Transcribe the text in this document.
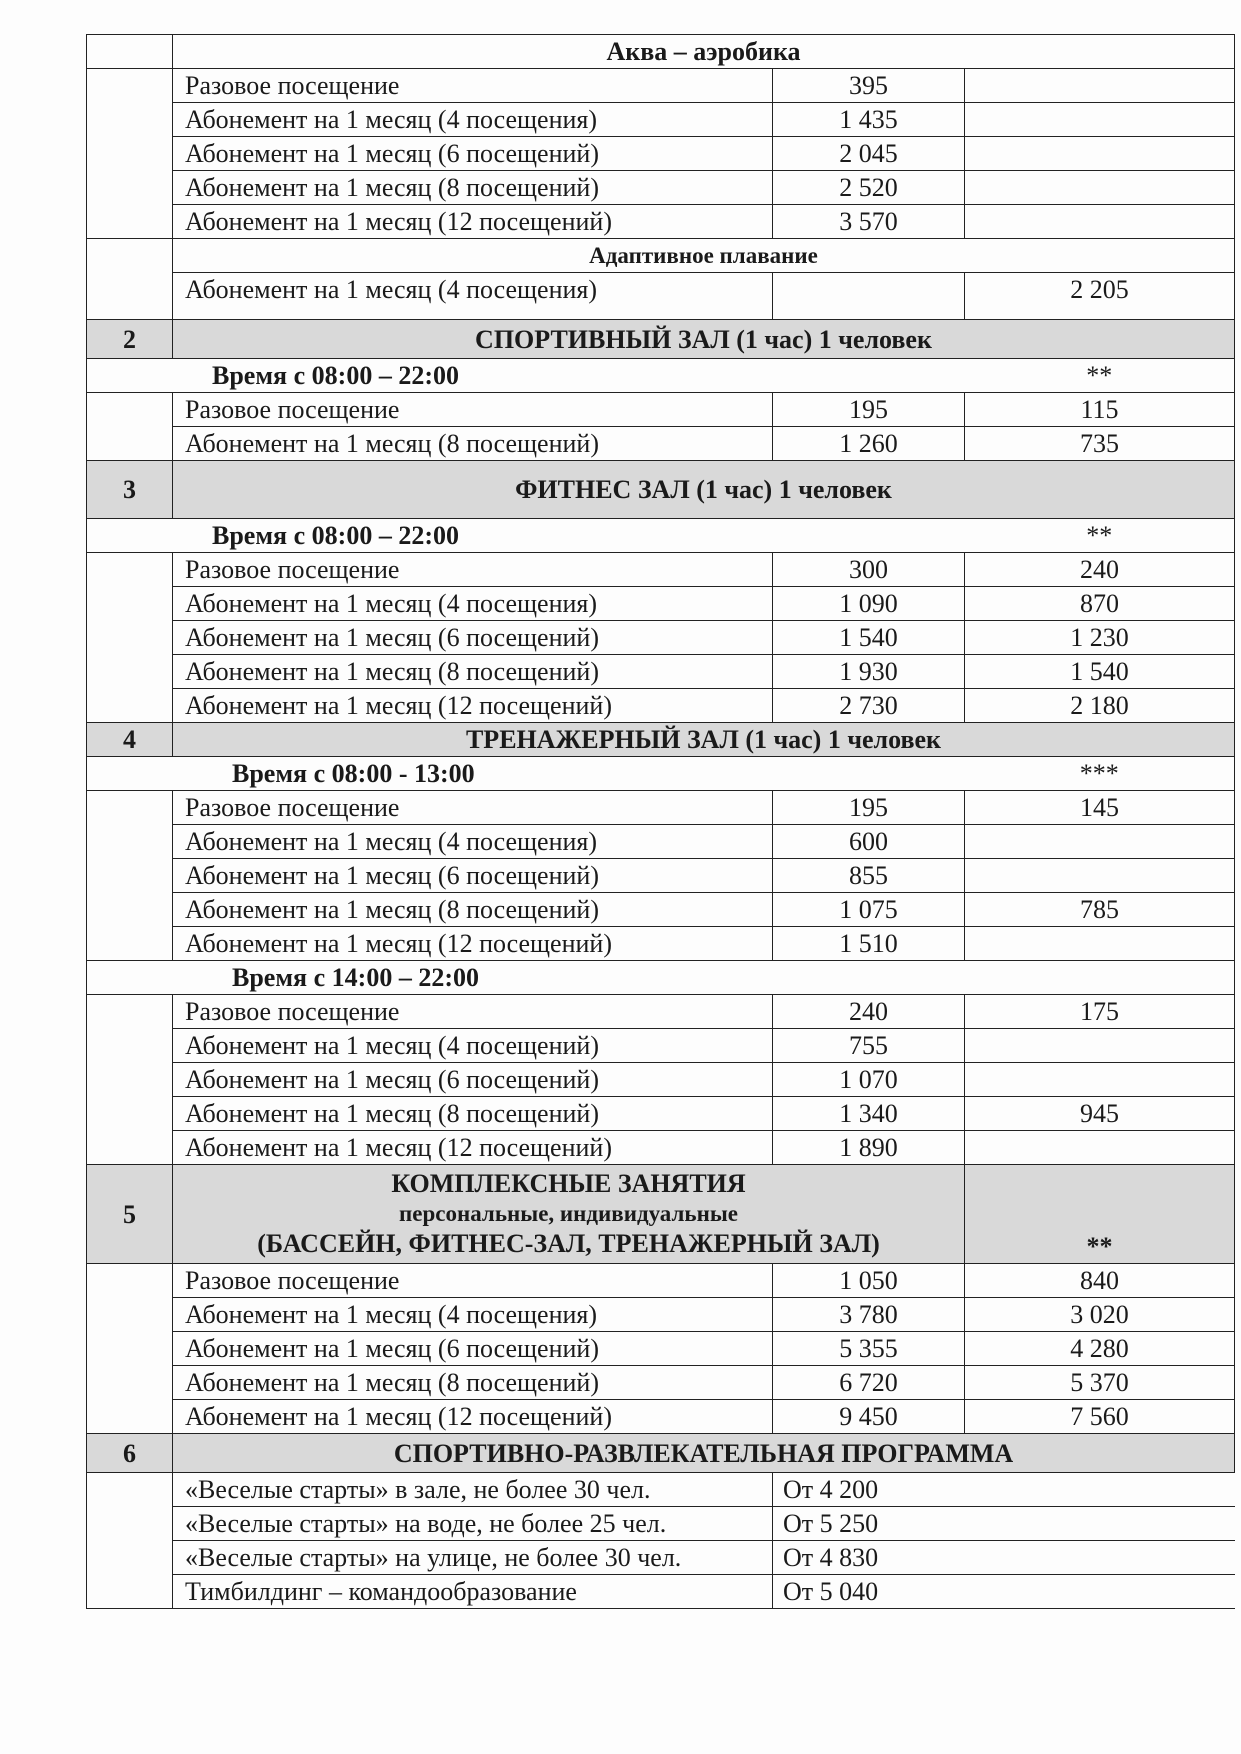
	Аква – аэробика		
	Разовое посещение	395	
	Абонемент на 1 месяц (4 посещения)	1 435	
	Абонемент на 1 месяц (6 посещений)	2 045	
	Абонемент на 1 месяц (8 посещений)	2 520	
	Абонемент на 1 месяц (12 посещений)	3 570	
	Адаптивное плавание		
	Абонемент на 1 месяц (4 посещения)		2 205
2	СПОРТИВНЫЙ ЗАЛ (1 час) 1 человек		
Время с 08:00 – 22:00			**
	Разовое посещение	195	115
	Абонемент на 1 месяц (8 посещений)	1 260	735
3	ФИТНЕС ЗАЛ (1 час) 1 человек		
Время с 08:00 – 22:00			**
	Разовое посещение	300	240
	Абонемент на 1 месяц (4 посещения)	1 090	870
	Абонемент на 1 месяц (6 посещений)	1 540	1 230
	Абонемент на 1 месяц (8 посещений)	1 930	1 540
	Абонемент на 1 месяц (12 посещений)	2 730	2 180
4	ТРЕНАЖЕРНЫЙ ЗАЛ (1 час) 1 человек		
Время с 08:00 - 13:00			***
	Разовое посещение	195	145
	Абонемент на 1 месяц (4 посещения)	600	
	Абонемент на 1 месяц (6 посещений)	855	
	Абонемент на 1 месяц (8 посещений)	1 075	785
	Абонемент на 1 месяц (12 посещений)	1 510	
Время с 14:00 – 22:00			
	Разовое посещение	240	175
	Абонемент на 1 месяц (4 посещений)	755	
	Абонемент на 1 месяц (6 посещений)	1 070	
	Абонемент на 1 месяц (8 посещений)	1 340	945
	Абонемент на 1 месяц (12 посещений)	1 890	
5	КОМПЛЕКСНЫЕ ЗАНЯТИЯ
персональные, индивидуальные
(БАССЕЙН, ФИТНЕС-ЗАЛ, ТРЕНАЖЕРНЫЙ ЗАЛ)		**
	Разовое посещение	1 050	840
	Абонемент на 1 месяц (4 посещения)	3 780	3 020
	Абонемент на 1 месяц (6 посещений)	5 355	4 280
	Абонемент на 1 месяц (8 посещений)	6 720	5 370
	Абонемент на 1 месяц (12 посещений)	9 450	7 560
6	СПОРТИВНО-РАЗВЛЕКАТЕЛЬНАЯ ПРОГРАММА		
	«Веселые старты» в зале, не более 30 чел.	От 4 200	
	«Веселые старты» на воде, не более 25 чел.	От 5 250	
	«Веселые старты» на улице, не более 30 чел.	От 4 830	
	Тимбилдинг – командообразование	От 5 040	
